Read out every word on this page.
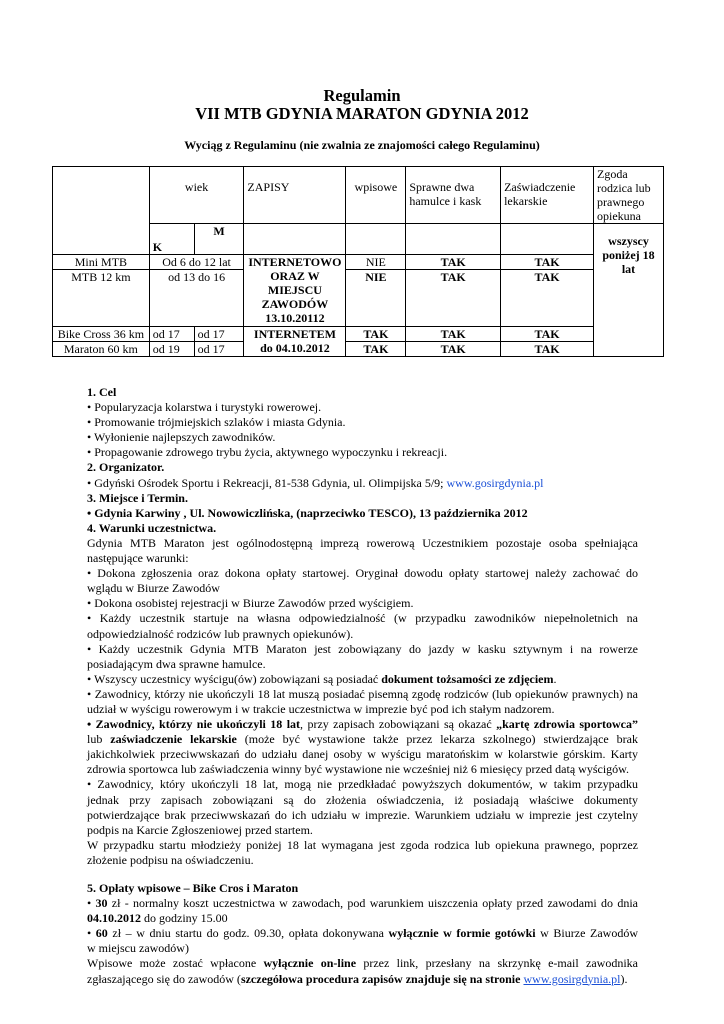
Regulamin
VII MTB GDYNIA MARATON GDYNIA 2012
Wyciąg z Regulaminu (nie zwalnia ze znajomości całego Regulaminu)
	wiek		ZAPISY	wpisowe	Sprawne dwa hamulce i kask	Zaświadczenie lekarskie	Zgoda rodzica lub prawnego opiekuna
	K	M					wszyscy poniżej 18 lat
Mini MTB	Od 6 do 12 lat		INTERNETOWO ORAZ W MIEJSCU ZAWODÓW 13.10.20112	NIE	TAK	TAK	
MTB 12 km	od 13 do 16			NIE	TAK	TAK	
Bike Cross 36 km	od 17	od 17	INTERNETEM do 04.10.2012	TAK	TAK	TAK	
Maraton 60 km	od 19	od 17		TAK	TAK	TAK	

1. Cel

• Popularyzacja kolarstwa i turystyki rowerowej.

• Promowanie trójmiejskich szlaków i miasta Gdynia.

• Wyłonienie najlepszych zawodników.

• Propagowanie zdrowego trybu życia, aktywnego wypoczynku i rekreacji.

2. Organizator.

• Gdyński Ośrodek Sportu i Rekreacji, 81-538 Gdynia, ul. Olimpijska 5/9; www.gosirgdynia.pl

3. Miejsce i Termin.

• Gdynia Karwiny , Ul. Nowowiczlińska, (naprzeciwko TESCO), 13 października 2012

4. Warunki uczestnictwa.

Gdynia MTB Maraton jest ogólnodostępną imprezą rowerową Uczestnikiem pozostaje osoba spełniająca

następujące warunki:

• Dokona zgłoszenia oraz dokona opłaty startowej. Oryginał dowodu opłaty startowej należy zachować do

wglądu w Biurze Zawodów

• Dokona osobistej rejestracji w Biurze Zawodów przed wyścigiem.

• Każdy uczestnik startuje na własna odpowiedzialność (w przypadku zawodników niepełnoletnich na

odpowiedzialność rodziców lub prawnych opiekunów).

• Każdy uczestnik Gdynia MTB Maraton jest zobowiązany do jazdy w kasku sztywnym i na rowerze

posiadającym dwa sprawne hamulce.

• Wszyscy uczestnicy wyścigu(ów) zobowiązani są posiadać dokument tożsamości ze zdjęciem.

• Zawodnicy, którzy nie ukończyli 18 lat muszą posiadać pisemną zgodę rodziców (lub opiekunów prawnych) na

udział w wyścigu rowerowym i w trakcie uczestnictwa w imprezie być pod ich stałym nadzorem.

• Zawodnicy, którzy nie ukończyli 18 lat, przy zapisach zobowiązani są okazać „kartę zdrowia sportowca”

lub zaświadczenie lekarskie (może być wystawione także przez lekarza szkolnego) stwierdzające brak

jakichkolwiek przeciwwskazań do udziału danej osoby w wyścigu maratońskim w kolarstwie górskim. Karty

zdrowia sportowca lub zaświadczenia winny być wystawione nie wcześniej niż 6 miesięcy przed datą wyścigów.

• Zawodnicy, który ukończyli 18 lat, mogą nie przedkładać powyższych dokumentów, w takim przypadku

jednak przy zapisach zobowiązani są do złożenia oświadczenia, iż posiadają właściwe dokumenty

potwierdzające brak przeciwwskazań do ich udziału w imprezie. Warunkiem udziału w imprezie jest czytelny

podpis na Karcie Zgłoszeniowej przed startem.

W przypadku startu młodzieży poniżej 18 lat wymagana jest zgoda rodzica lub opiekuna prawnego, poprzez

złożenie podpisu na oświadczeniu.

5. Opłaty wpisowe – Bike Cros i Maraton

• 30 zł - normalny koszt uczestnictwa w zawodach, pod warunkiem uiszczenia opłaty przed zawodami do dnia

04.10.2012 do godziny 15.00

• 60 zł – w dniu startu do godz. 09.30, opłata dokonywana wyłącznie w formie gotówki w Biurze Zawodów

w miejscu zawodów)

Wpisowe może zostać wpłacone wyłącznie on-line przez link, przesłany na skrzynkę e-mail zawodnika

zgłaszającego się do zawodów (szczegółowa procedura zapisów znajduje się na stronie www.gosirgdynia.pl).
